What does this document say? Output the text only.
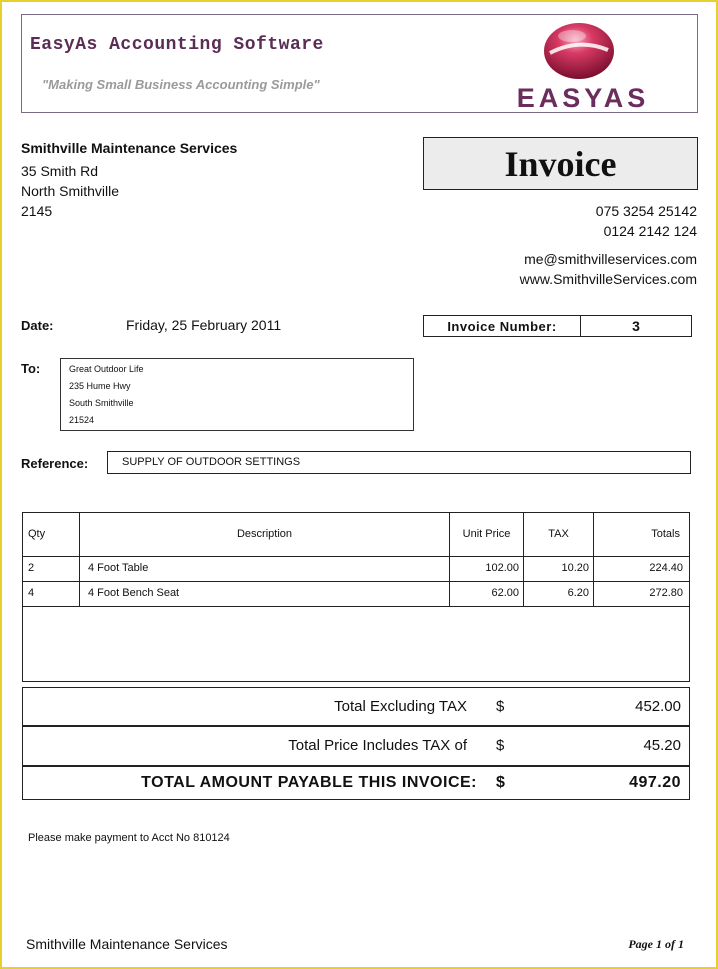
EasyAs Accounting Software
"Making Small Business Accounting Simple"	EASYAS
Smithville Maintenance Services
35 Smith Rd
North Smithville
2145
Invoice
075 3254 25142
0124 2142 124
me@smithvilleservices.com
www.SmithvilleServices.com
Date:	Friday, 25 February 2011	Invoice Number:	3
To:	Great Outdoor Life
235 Hume Hwy
South Smithville
21524
Reference:	SUPPLY OF OUTDOOR SETTINGS
Qty	Description	Unit Price	TAX	Totals
2	4 Foot Table	102.00	10.20	224.40
4	4 Foot Bench Seat	62.00	6.20	272.80
Total Excluding TAX $	452.00
Total Price Includes TAX of $	45.20
TOTAL AMOUNT PAYABLE THIS INVOICE: $	497.20
Please make payment to Acct No 810124
Smithville Maintenance Services	Page 1 of 1
